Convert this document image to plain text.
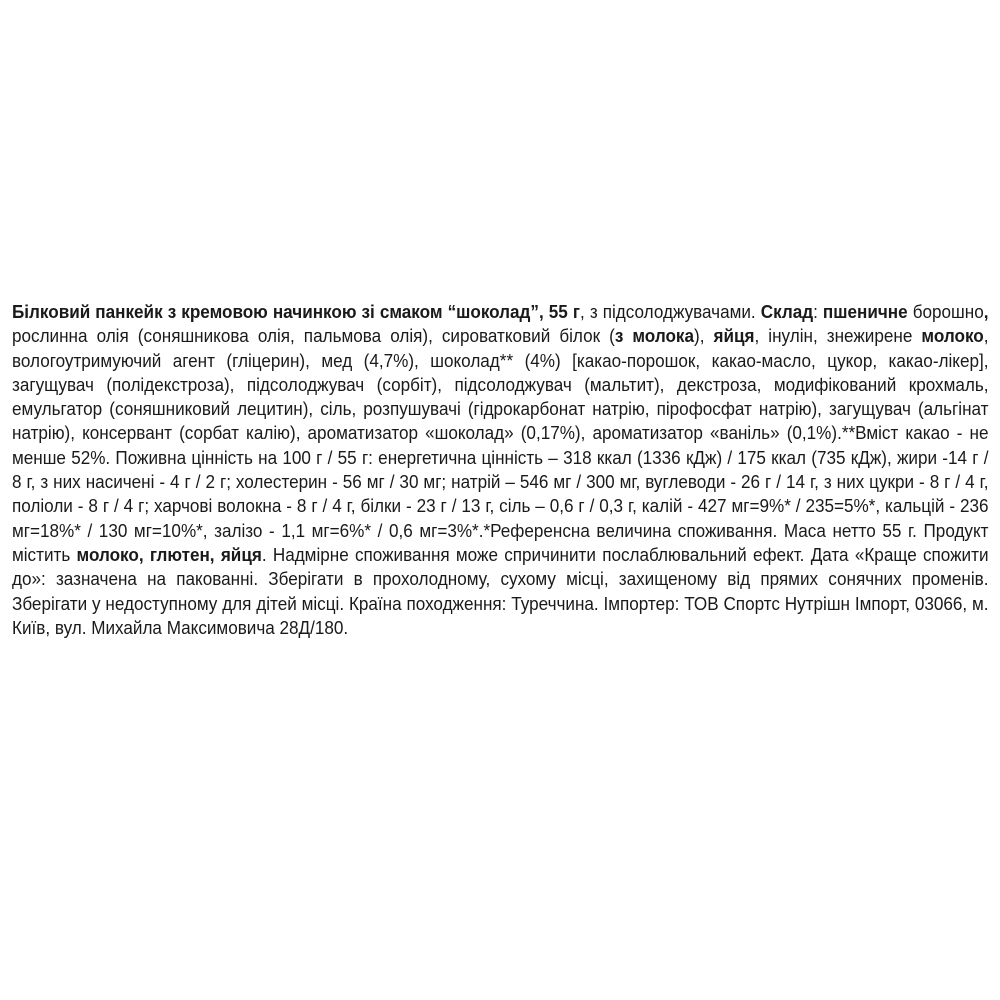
Білковий панкейк з кремовою начинкою зі смаком “шоколад”, 55 г, з підсолоджувачами. Склад: пшеничне борошно, рослинна олія (соняшникова олія, пальмова олія), сироватковий білок (з молока), яйця, інулін, знежирене молоко, вологоутримуючий агент (гліцерин), мед (4,7%), шоколад** (4%) [какао-порошок, какао-масло, цукор, какао-лікер], загущувач (полідекстроза), підсолоджувач (сорбіт), підсолоджувач (мальтит), декстроза, модифікований крохмаль, емульгатор (соняшниковий лецитин), сіль, розпушувачі (гідрокарбонат натрію, пірофосфат натрію), загущувач (альгінат натрію), консервант (сорбат калію), ароматизатор «шоколад» (0,17%), ароматизатор «ваніль» (0,1%).**Вміст какао - не менше 52%. Поживна цінність на 100 г / 55 г: енергетична цінність – 318 ккал (1336 кДж) / 175 ккал (735 кДж), жири -14 г / 8 г, з них насичені - 4 г / 2 г; холестерин - 56 мг / 30 мг; натрій – 546 мг / 300 мг, вуглеводи - 26 г / 14 г, з них цукри - 8 г / 4 г, поліоли - 8 г / 4 г; харчові волокна - 8 г / 4 г, білки - 23 г / 13 г, сіль – 0,6 г / 0,3 г, калій - 427 мг=9%* / 235=5%*, кальцій - 236 мг=18%* / 130 мг=10%*, залізо - 1,1 мг=6%* / 0,6 мг=3%*.*Референсна величина споживання. Маса нетто 55 г. Продукт містить молоко, глютен, яйця. Надмірне споживання може спричинити послаблювальний ефект. Дата «Краще спожити до»: зазначена на пакованні. Зберігати в прохолодному, сухому місці, захищеному від прямих сонячних променів. Зберігати у недоступному для дітей місці. Країна походження: Туреччина. Імпортер: ТОВ Спортс Нутрішн Імпорт, 03066, м. Київ, вул. Михайла Максимовича 28Д/180.
